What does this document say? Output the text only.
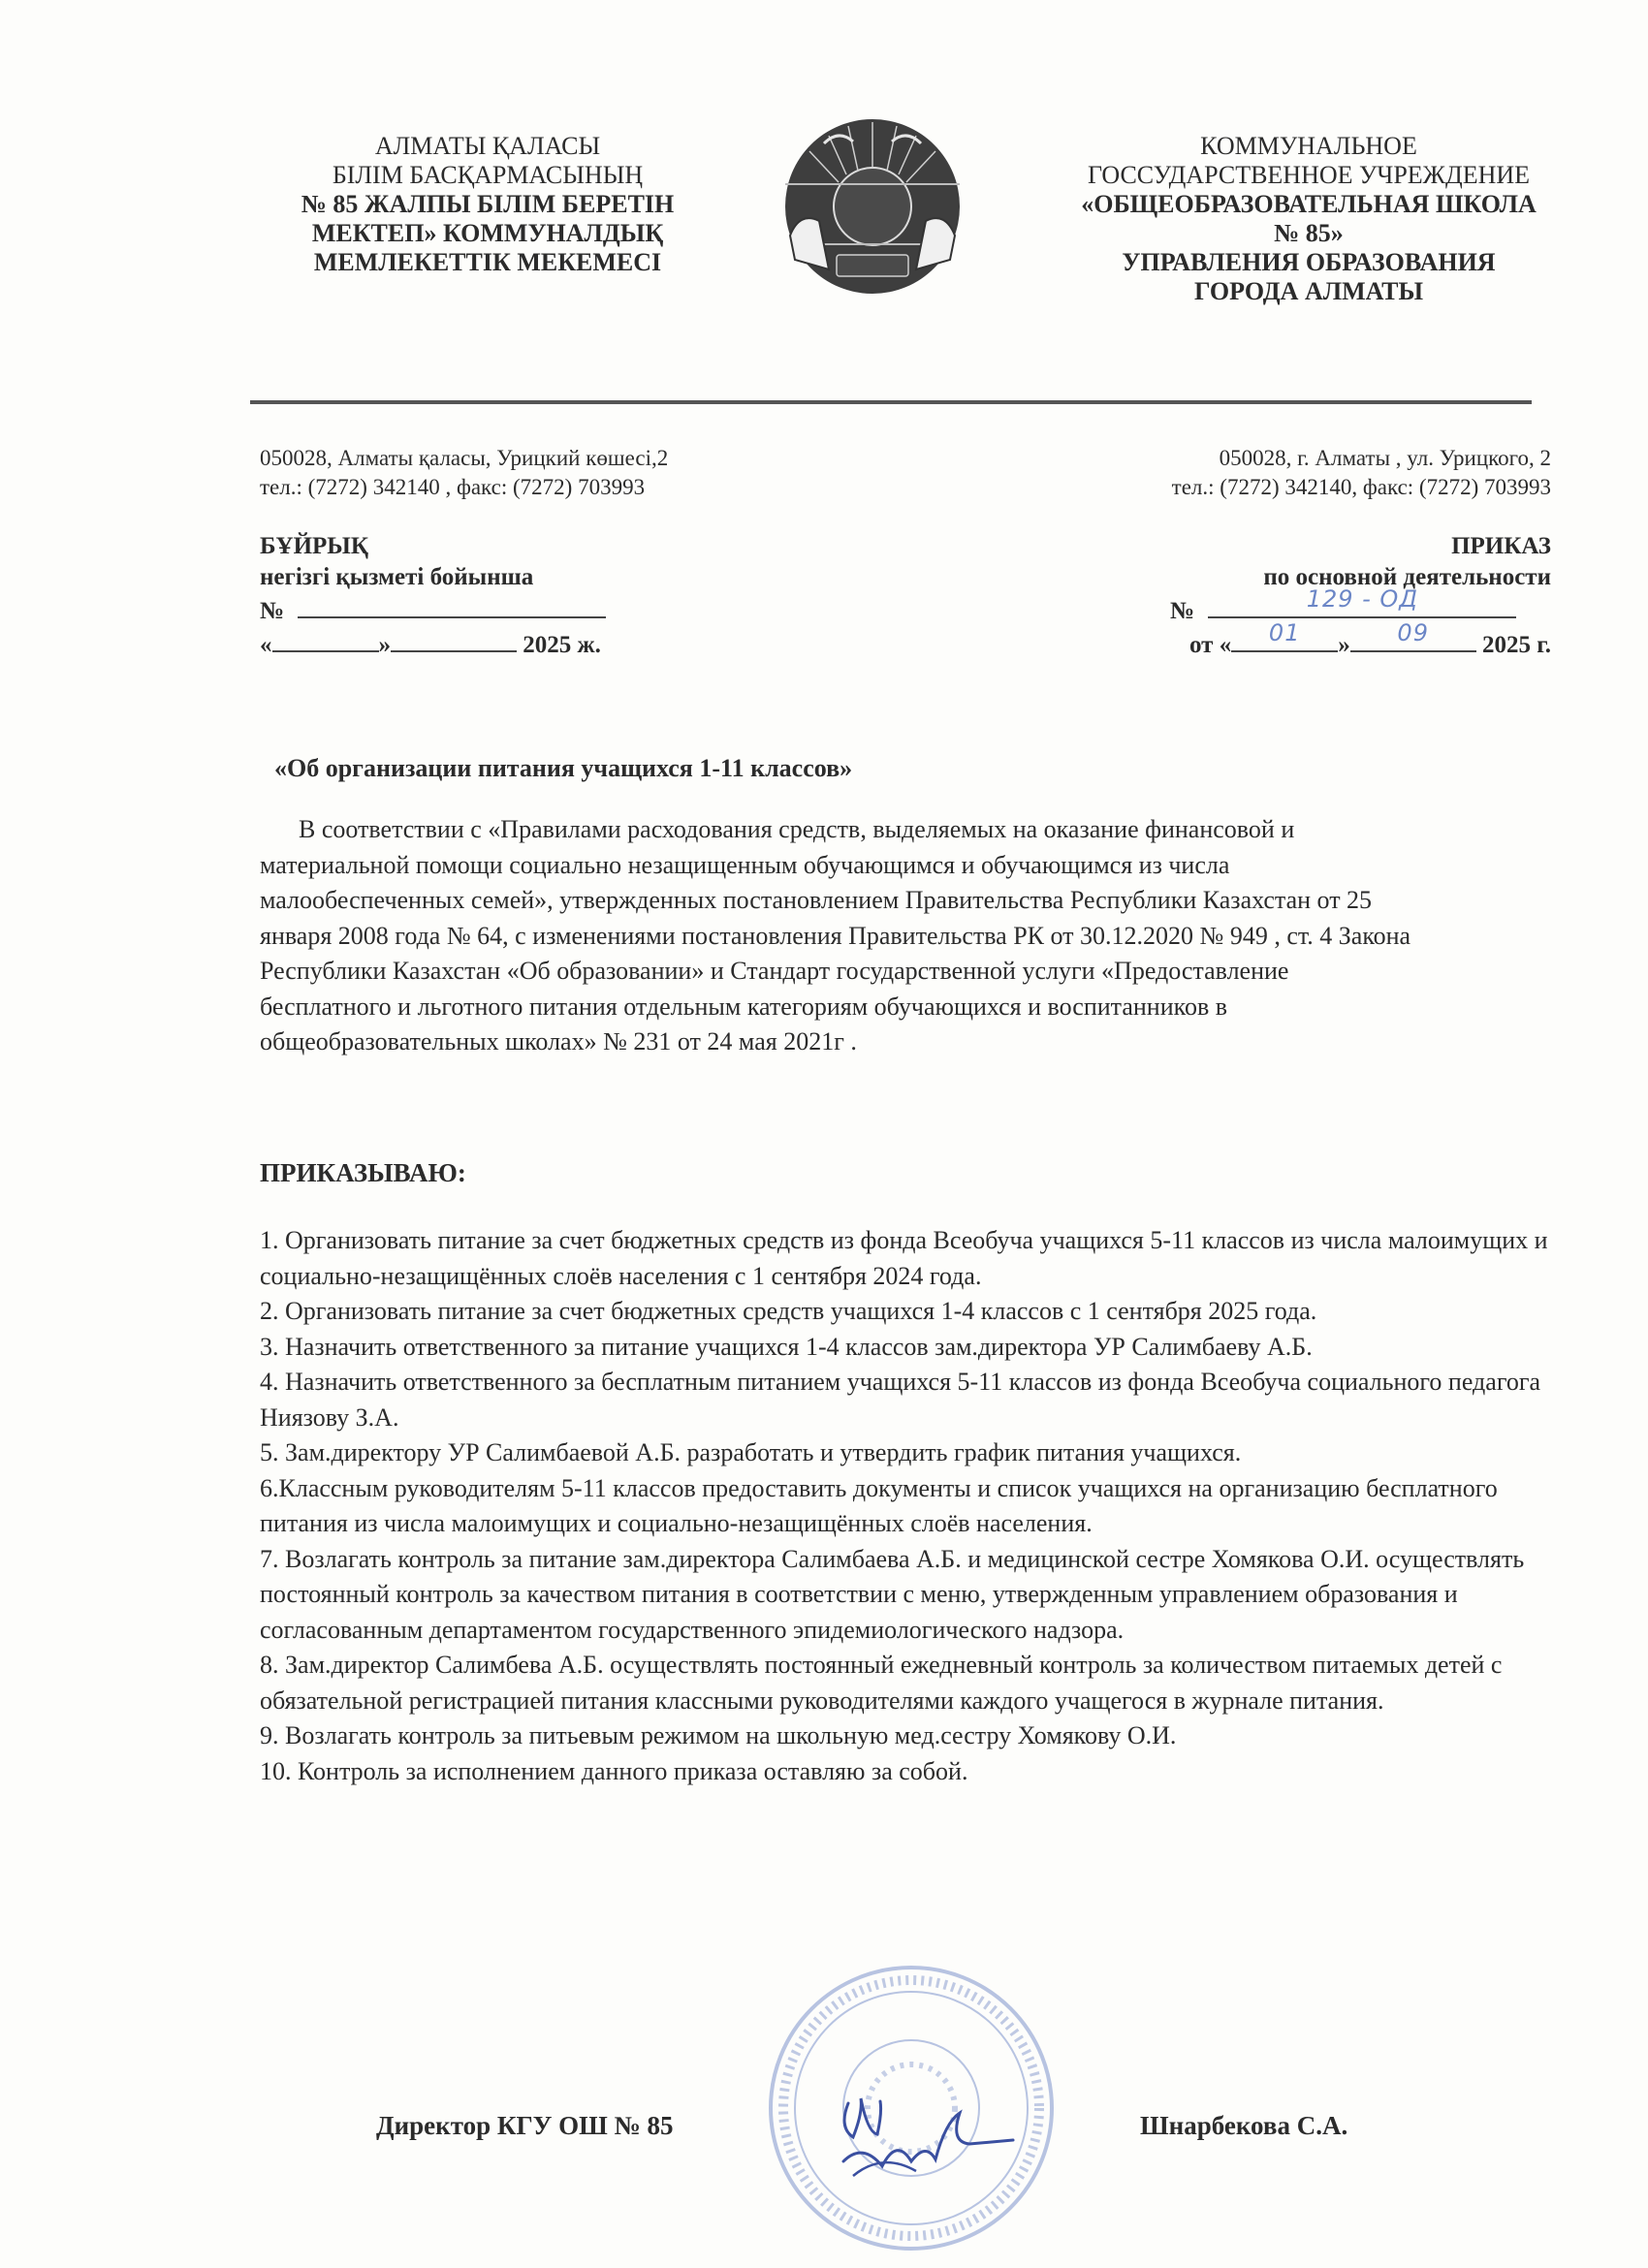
АЛМАТЫ ҚАЛАСЫ
БІЛІМ БАСҚАРМАСЫНЫҢ
№ 85 ЖАЛПЫ БІЛІМ БЕРЕТІН
МЕКТЕП» КОММУНАЛДЫҚ
МЕМЛЕКЕТТІК МЕКЕМЕСІ
КОММУНАЛЬНОЕ
ГОССУДАРСТВЕННОЕ УЧРЕЖДЕНИЕ
«ОБЩЕОБРАЗОВАТЕЛЬНАЯ ШКОЛА
№ 85»
УПРАВЛЕНИЯ ОБРАЗОВАНИЯ
ГОРОДА АЛМАТЫ
050028, Алматы қаласы, Урицкий көшесі,2
тел.: (7272) 342140 , факс: (7272) 703993
050028, г. Алматы , ул. Урицкого, 2
тел.: (7272) 342140, факс: (7272) 703993
БҰЙРЫҚ
негізгі қызметі бойынша
№
«	»	2025 ж.
ПРИКАЗ
по основной деятельности
№	129 - ОД
от «	01	»	09	2025 г.
«Об организации питания учащихся 1-11 классов»
В соответствии с «Правилами расходования средств, выделяемых на оказание финансовой и материальной помощи социально незащищенным обучающимся и обучающимся из числа малообеспеченных семей», утвержденных постановлением Правительства Республики Казахстан от 25 января 2008 года № 64, с изменениями постановления Правительства РК от 30.12.2020 № 949 , ст. 4 Закона Республики Казахстан «Об образовании» и Стандарт государственной услуги «Предоставление бесплатного и льготного питания отдельным категориям обучающихся и воспитанников в общеобразовательных школах» № 231 от 24 мая 2021г .
ПРИКАЗЫВАЮ:
1. Организовать питание за счет бюджетных средств из фонда Всеобуча учащихся 5-11 классов из числа малоимущих и социально-незащищённых слоёв населения с 1 сентября 2024 года.
2. Организовать питание за счет бюджетных средств учащихся 1-4 классов с 1 сентября 2025 года.
3. Назначить ответственного за питание учащихся 1-4 классов зам.директора УР Салимбаеву А.Б.
4. Назначить ответственного за бесплатным питанием учащихся 5-11 классов из фонда Всеобуча социального педагога Ниязову З.А.
5. Зам.директору УР Салимбаевой А.Б. разработать и утвердить график питания учащихся.
6.Классным руководителям 5-11 классов предоставить документы и список учащихся на организацию бесплатного питания из числа малоимущих и социально-незащищённых слоёв населения.
7. Возлагать контроль за питание зам.директора Салимбаева А.Б. и медицинской сестре Хомякова О.И. осуществлять постоянный контроль за качеством питания в соответствии с меню, утвержденным управлением образования и согласованным департаментом государственного эпидемиологического надзора.
8. Зам.директор Салимбева А.Б. осуществлять постоянный ежедневный контроль за количеством питаемых детей с обязательной регистрацией питания классными руководителями каждого учащегося в журнале питания.
9. Возлагать контроль за питьевым режимом на школьную мед.сестру Хомякову О.И.
10. Контроль за исполнением данного приказа оставляю за собой.
Директор КГУ ОШ № 85	Шнарбекова С.А.
